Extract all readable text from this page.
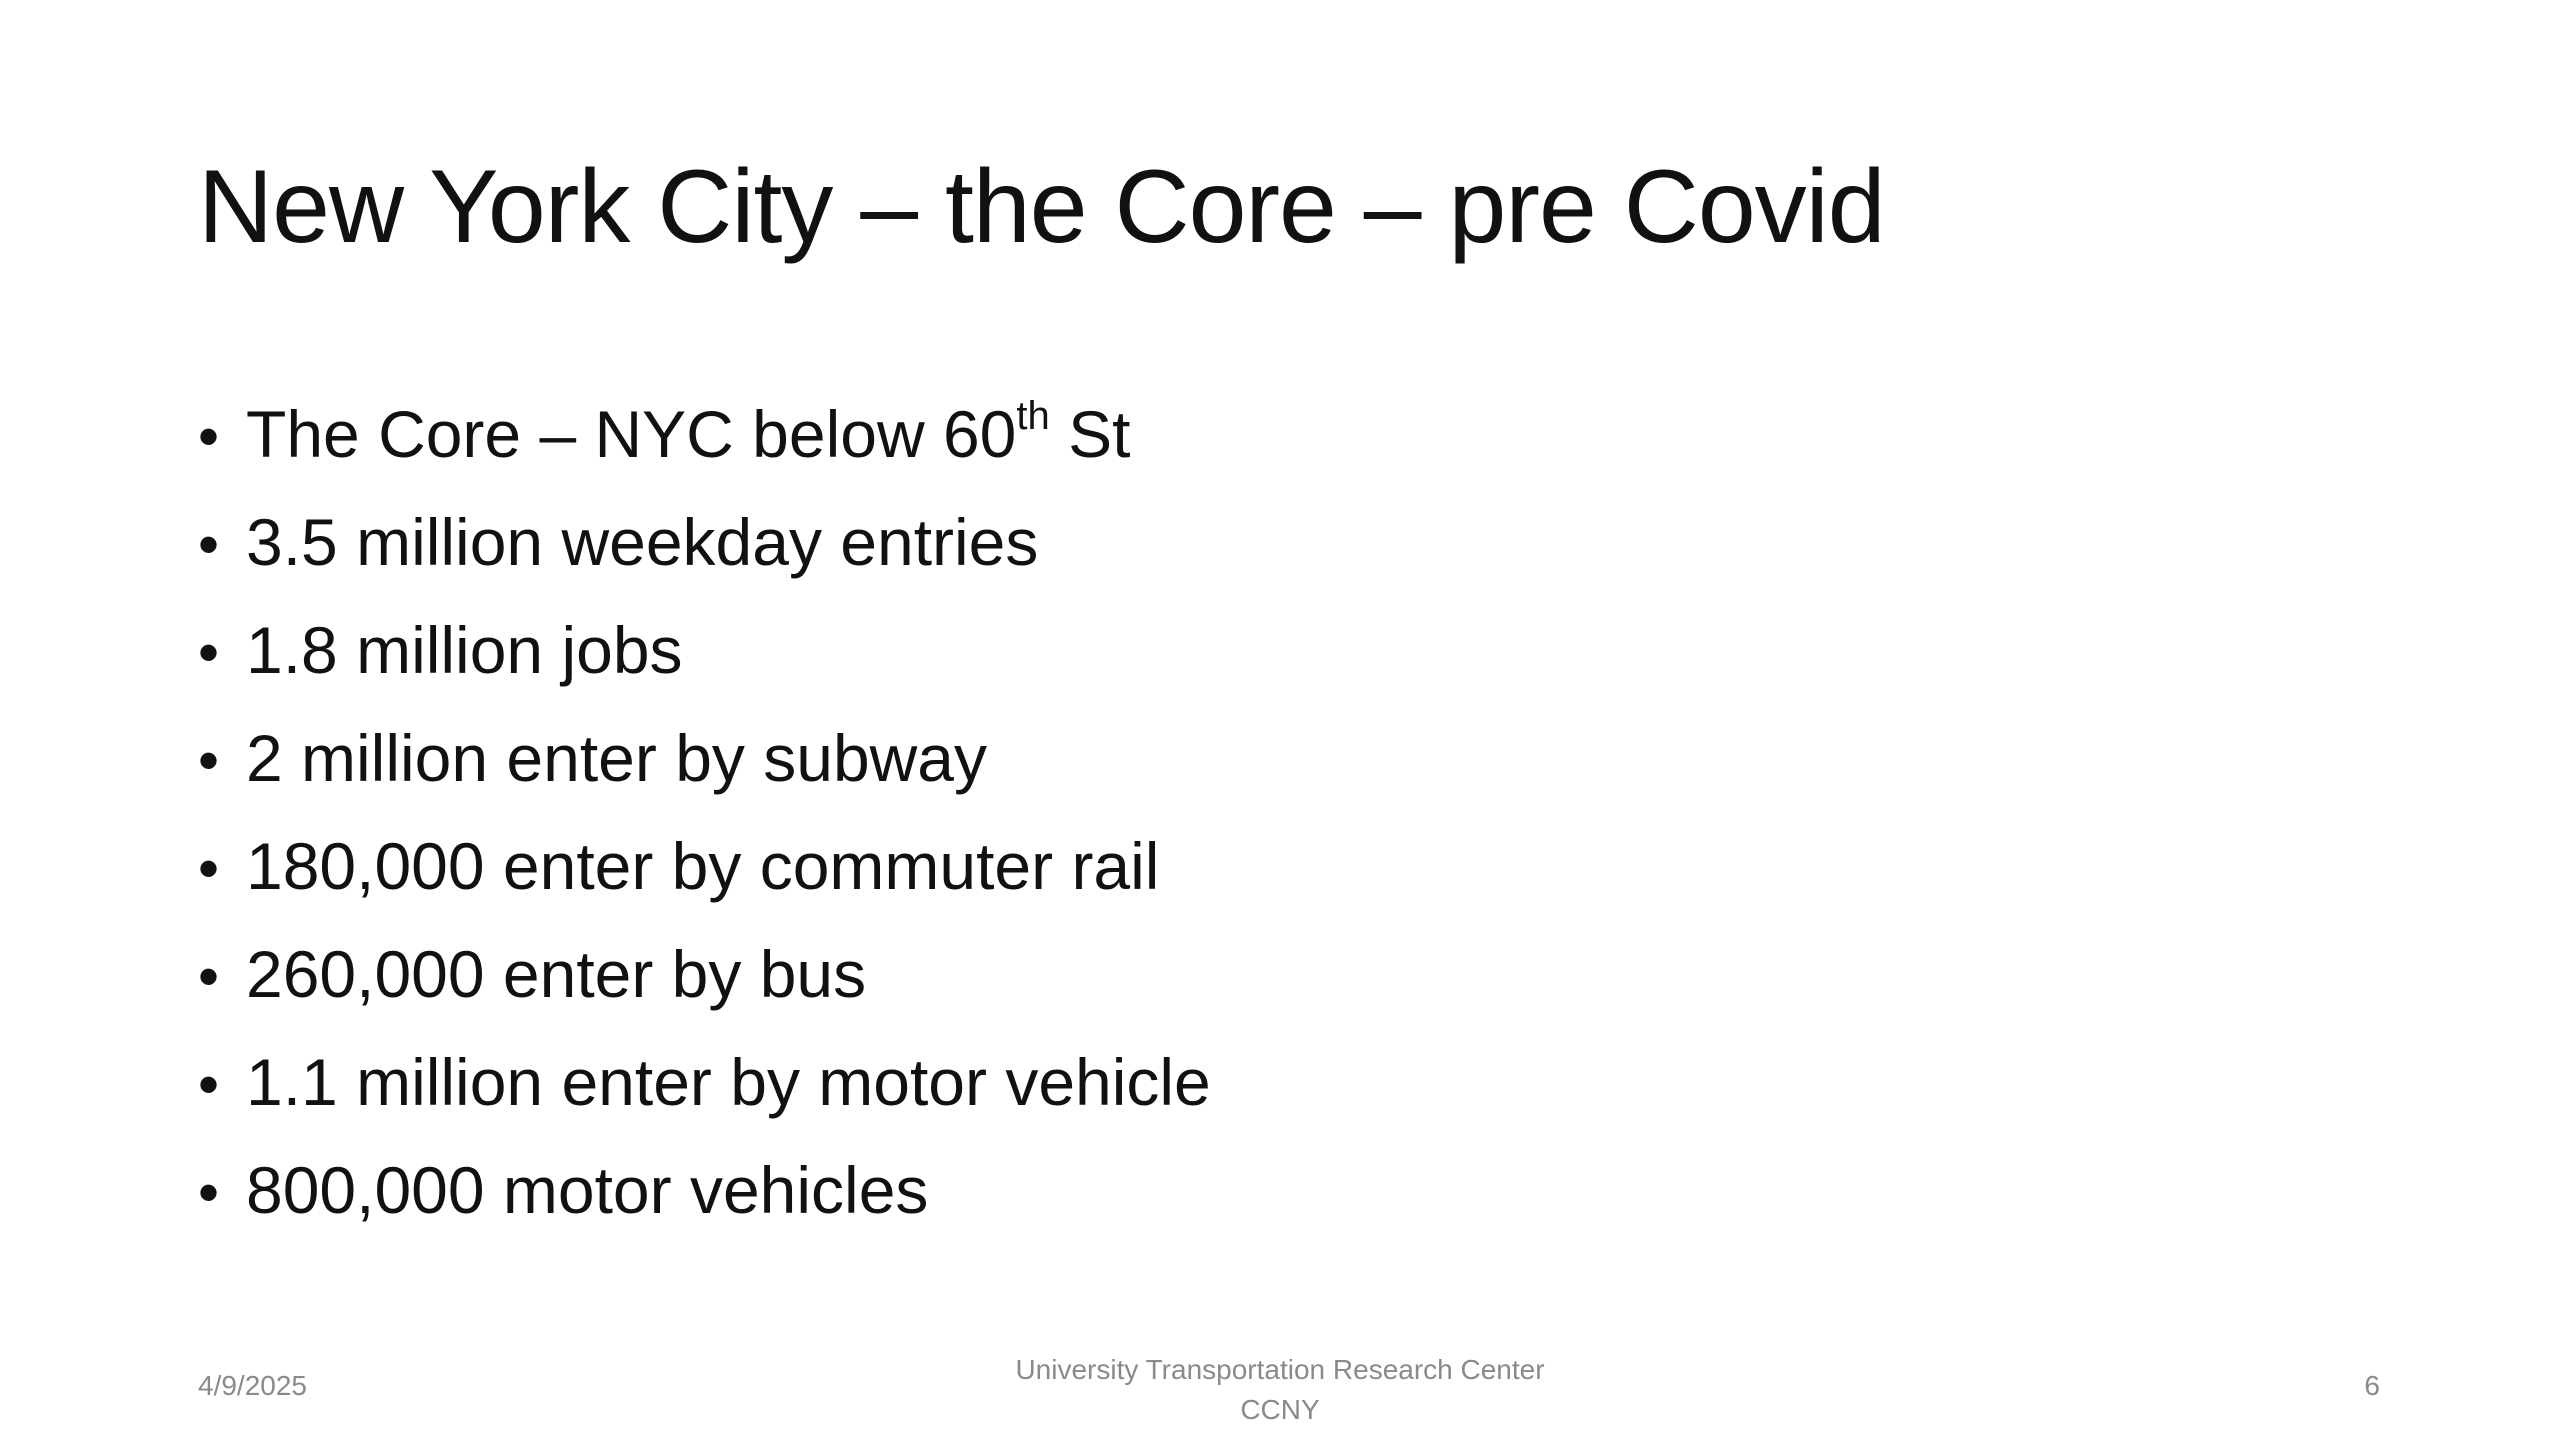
New York City – the Core – pre Covid
• The Core – NYC below 60th St
• 3.5 million weekday entries
• 1.8 million jobs
• 2 million enter by subway
• 180,000 enter by commuter rail
• 260,000 enter by bus
• 1.1 million enter by motor vehicle
• 800,000 motor vehicles
4/9/2025
University Transportation Research Center
CCNY
6
